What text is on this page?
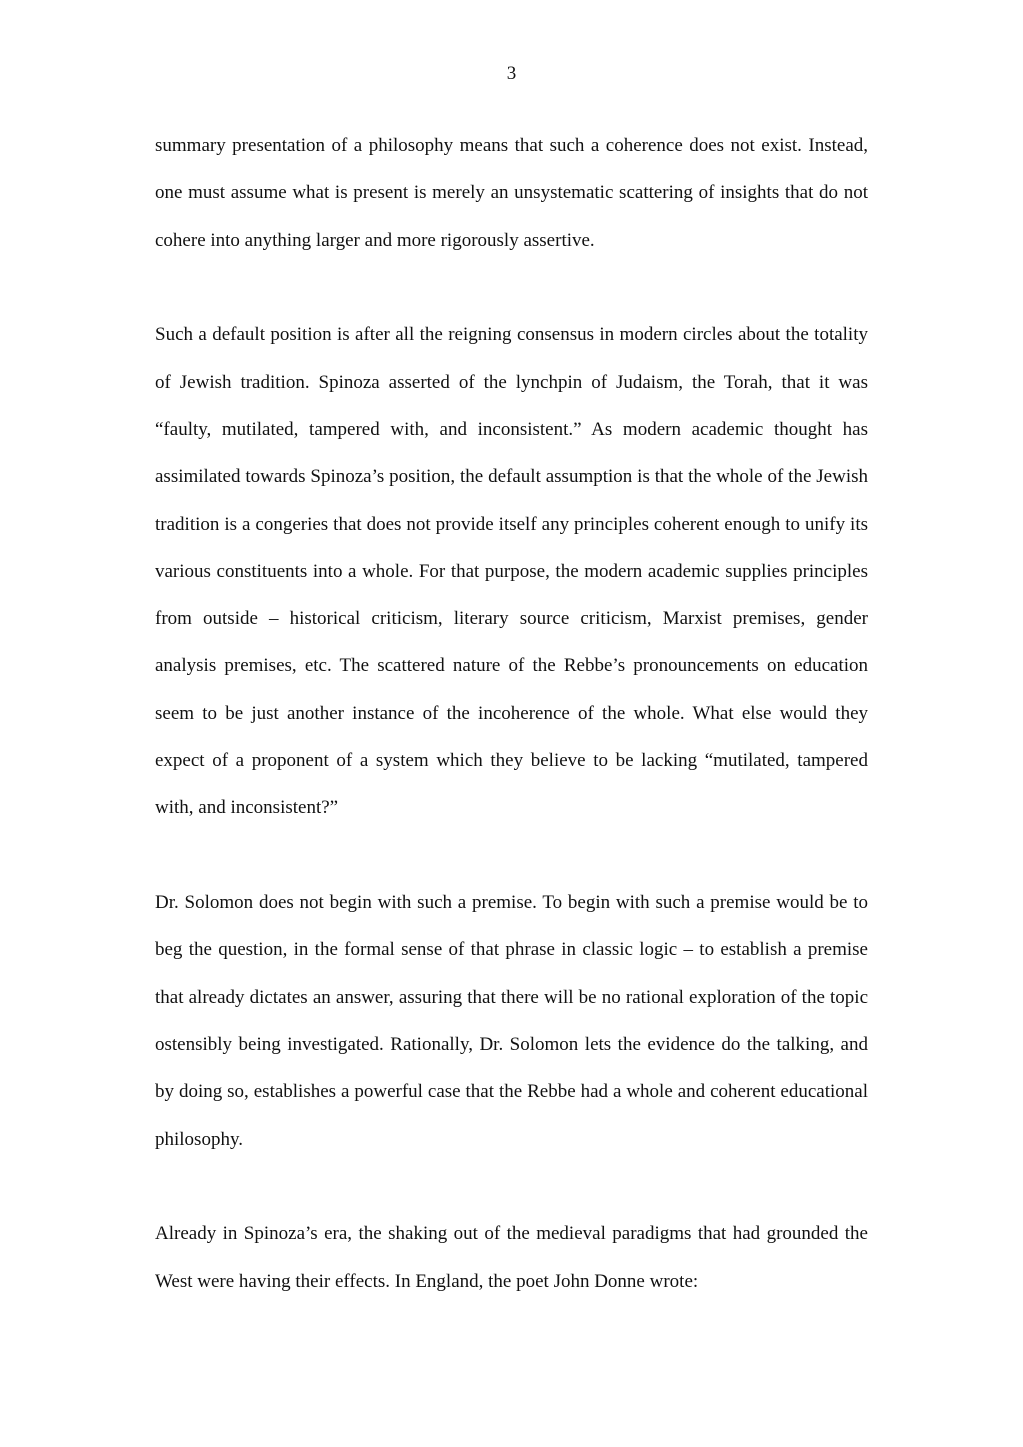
3

summary presentation of a philosophy means that such a coherence does not exist. Instead, one must assume what is present is merely an unsystematic scattering of insights that do not cohere into anything larger and more rigorously assertive.

Such a default position is after all the reigning consensus in modern circles about the totality of Jewish tradition. Spinoza asserted of the lynchpin of Judaism, the Torah, that it was “faulty, mutilated, tampered with, and inconsistent.” As modern academic thought has assimilated towards Spinoza’s position, the default assumption is that the whole of the Jewish tradition is a congeries that does not provide itself any principles coherent enough to unify its various constituents into a whole. For that purpose, the modern academic supplies principles from outside – historical criticism, literary source criticism, Marxist premises, gender analysis premises, etc. The scattered nature of the Rebbe’s pronouncements on education seem to be just another instance of the incoherence of the whole. What else would they expect of a proponent of a system which they believe to be lacking “mutilated, tampered with, and inconsistent?”

Dr. Solomon does not begin with such a premise. To begin with such a premise would be to beg the question, in the formal sense of that phrase in classic logic – to establish a premise that already dictates an answer, assuring that there will be no rational exploration of the topic ostensibly being investigated. Rationally, Dr. Solomon lets the evidence do the talking, and by doing so, establishes a powerful case that the Rebbe had a whole and coherent educational philosophy.

Already in Spinoza’s era, the shaking out of the medieval paradigms that had grounded the West were having their effects. In England, the poet John Donne wrote:
